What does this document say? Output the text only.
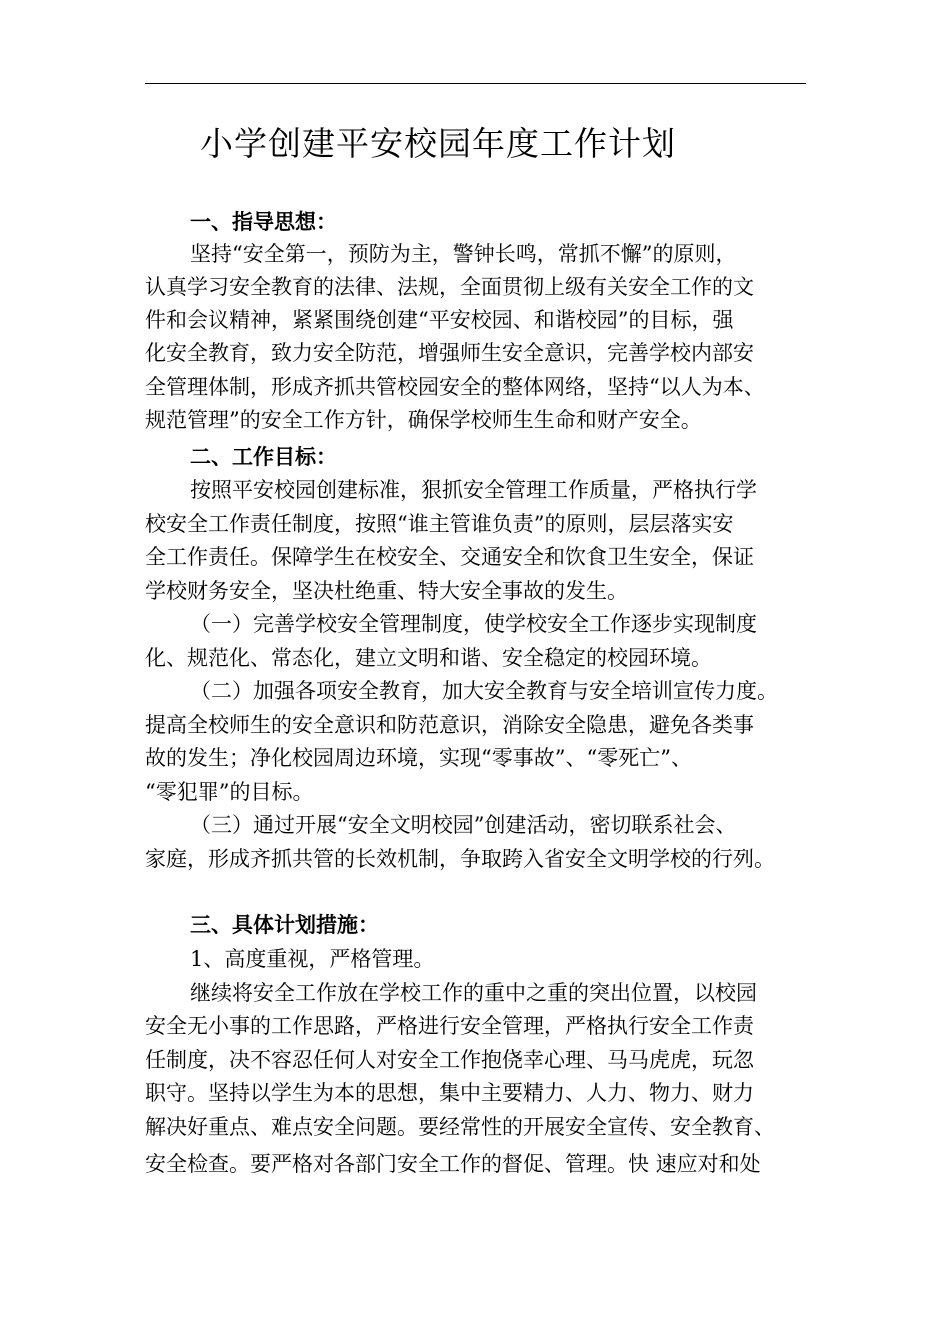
小学创建平安校园年度工作计划
一、指导思想：
坚持“安全第一，预防为主，警钟长鸣，常抓不懈”的原则，
认真学习安全教育的法律、法规，全面贯彻上级有关安全工作的文
件和会议精神，紧紧围绕创建“平安校园、和谐校园”的目标，强
化安全教育，致力安全防范，增强师生安全意识，完善学校内部安
全管理体制，形成齐抓共管校园安全的整体网络，坚持“以人为本、
规范管理”的安全工作方针，确保学校师生生命和财产安全。
二、工作目标：
按照平安校园创建标准，狠抓安全管理工作质量，严格执行学
校安全工作责任制度，按照“谁主管谁负责”的原则，层层落实安
全工作责任。保障学生在校安全、交通安全和饮食卫生安全，保证
学校财务安全，坚决杜绝重、特大安全事故的发生。
（一）完善学校安全管理制度，使学校安全工作逐步实现制度
化、规范化、常态化，建立文明和谐、安全稳定的校园环境。
（二）加强各项安全教育，加大安全教育与安全培训宣传力度。
提高全校师生的安全意识和防范意识，消除安全隐患，避免各类事
故的发生；净化校园周边环境，实现“零事故”、“零死亡”、
“零犯罪”的目标。
（三）通过开展“安全文明校园”创建活动，密切联系社会、
家庭，形成齐抓共管的长效机制，争取跨入省安全文明学校的行列。
三、具体计划措施：
1、高度重视，严格管理。
继续将安全工作放在学校工作的重中之重的突出位置，以校园
安全无小事的工作思路，严格进行安全管理，严格执行安全工作责
任制度，决不容忍任何人对安全工作抱侥幸心理、马马虎虎，玩忽
职守。坚持以学生为本的思想，集中主要精力、人力、物力、财力
解决好重点、难点安全问题。要经常性的开展安全宣传、安全教育、
安全检查。要严格对各部门安全工作的督促、管理。快 速应对和处
